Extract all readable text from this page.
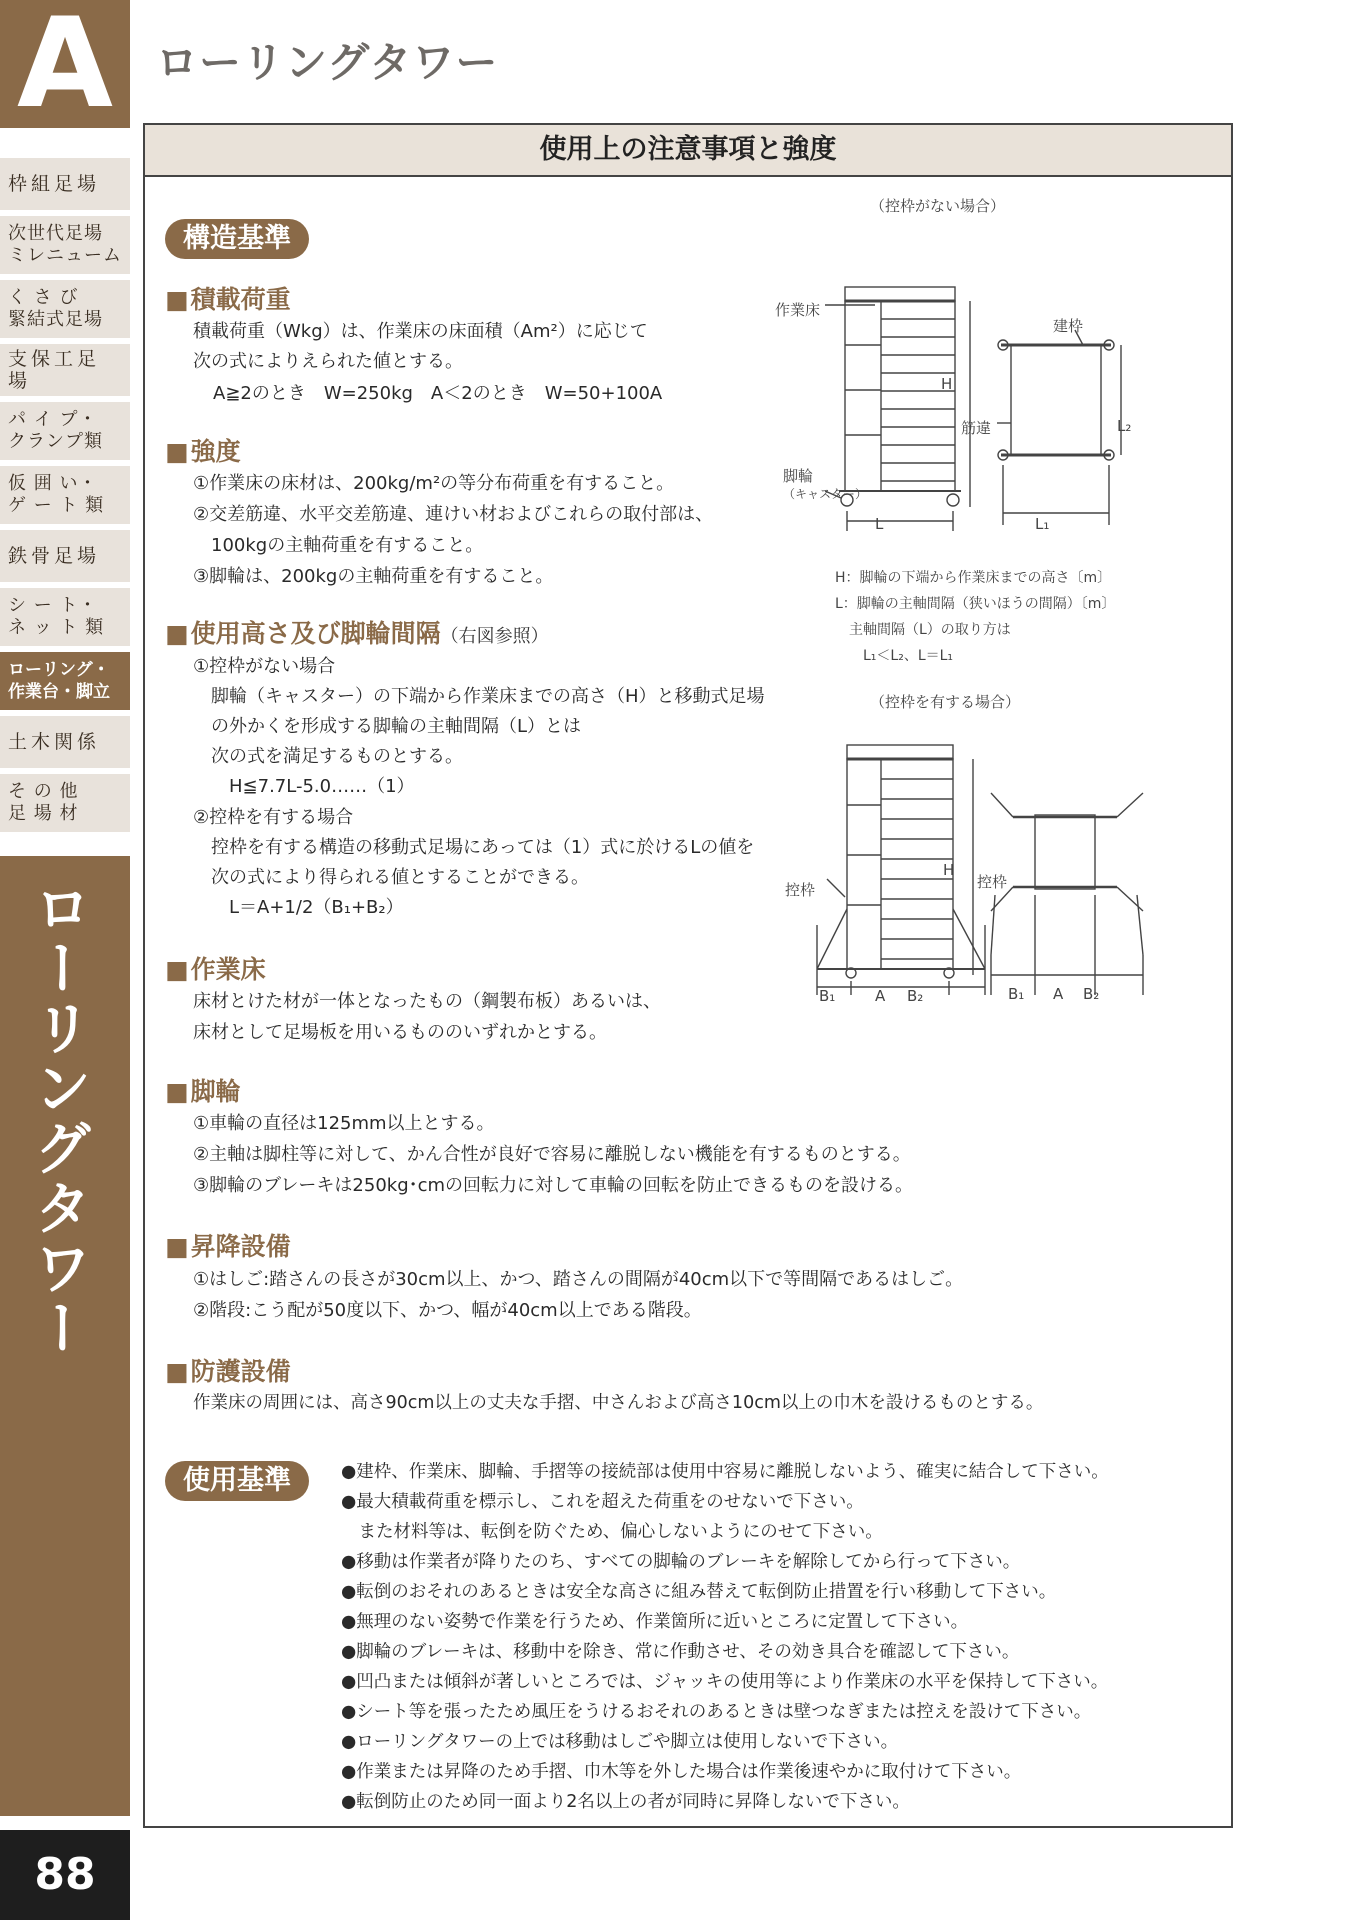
A
枠組足場
次世代足場
ミレニューム
く さ び
緊結式足場
支保工足場
パ イ プ・
クランプ類
仮 囲 い・
ゲ ー ト 類
鉄骨足場
シ ー ト・
ネ ッ ト 類
ローリング・
作業台・脚立
土木関係
そ の 他
足 場 材
ローリングタワー
88
ローリングタワー
使用上の注意事項と強度
構造基準
■積載荷重
積載荷重（Wkg）は、作業床の床面積（Am²）に応じて
次の式によりえられた値とする。
A≧2のとき　W=250kg　A＜2のとき　W=50+100A
■強度
①作業床の床材は、200kg/m²の等分布荷重を有すること。
②交差筋違、水平交差筋違、連けい材およびこれらの取付部は、
　100kgの主軸荷重を有すること。
③脚輪は、200kgの主軸荷重を有すること。
■使用高さ及び脚輪間隔（右図参照）
①控枠がない場合
　脚輪（キャスター）の下端から作業床までの高さ（H）と移動式足場
　の外かくを形成する脚輪の主軸間隔（L）とは
　次の式を満足するものとする。
　　H≦7.7L-5.0……（1）
②控枠を有する場合
　控枠を有する構造の移動式足場にあっては（1）式に於けるLの値を
　次の式により得られる値とすることができる。
　　L＝A+1/2（B₁+B₂）
■作業床
床材とけた材が一体となったもの（鋼製布板）あるいは、
床材として足場板を用いるもののいずれかとする。
■脚輪
①車輪の直径は125mm以上とする。
②主軸は脚柱等に対して、かん合性が良好で容易に離脱しない機能を有するものとする。
③脚輪のブレーキは250kg･cmの回転力に対して車輪の回転を防止できるものを設ける。
■昇降設備
①はしご:踏さんの長さが30cm以上、かつ、踏さんの間隔が40cm以下で等間隔であるはしご。
②階段:こう配が50度以下、かつ、幅が40cm以上である階段。
■防護設備
作業床の周囲には、高さ90cm以上の丈夫な手摺、中さんおよび高さ10cm以上の巾木を設けるものとする。
使用基準	●建枠、作業床、脚輪、手摺等の接続部は使用中容易に離脱しないよう、確実に結合して下さい。
●最大積載荷重を標示し、これを超えた荷重をのせないで下さい。
　また材料等は、転倒を防ぐため、偏心しないようにのせて下さい。
●移動は作業者が降りたのち、すべての脚輪のブレーキを解除してから行って下さい。
●転倒のおそれのあるときは安全な高さに組み替えて転倒防止措置を行い移動して下さい。
●無理のない姿勢で作業を行うため、作業箇所に近いところに定置して下さい。
●脚輪のブレーキは、移動中を除き、常に作動させ、その効き具合を確認して下さい。
●凹凸または傾斜が著しいところでは、ジャッキの使用等により作業床の水平を保持して下さい。
●シート等を張ったため風圧をうけるおそれのあるときは壁つなぎまたは控えを設けて下さい。
●ローリングタワーの上では移動はしごや脚立は使用しないで下さい。
●作業または昇降のため手摺、巾木等を外した場合は作業後速やかに取付けて下さい。
●転倒防止のため同一面より2名以上の者が同時に昇降しないで下さい。
（控枠がない場合）
作業床
脚輪
（キャスター）
H
L
建枠
筋違	L₂
L₁
H：脚輪の下端から作業床までの高さ〔m〕
L：脚輪の主軸間隔（狭いほうの間隔）〔m〕
　主軸間隔（L）の取り方は
　　L₁＜L₂、L＝L₁
（控枠を有する場合）
H
控枠	控枠
B₁	A B₂	B₁ A B₂
